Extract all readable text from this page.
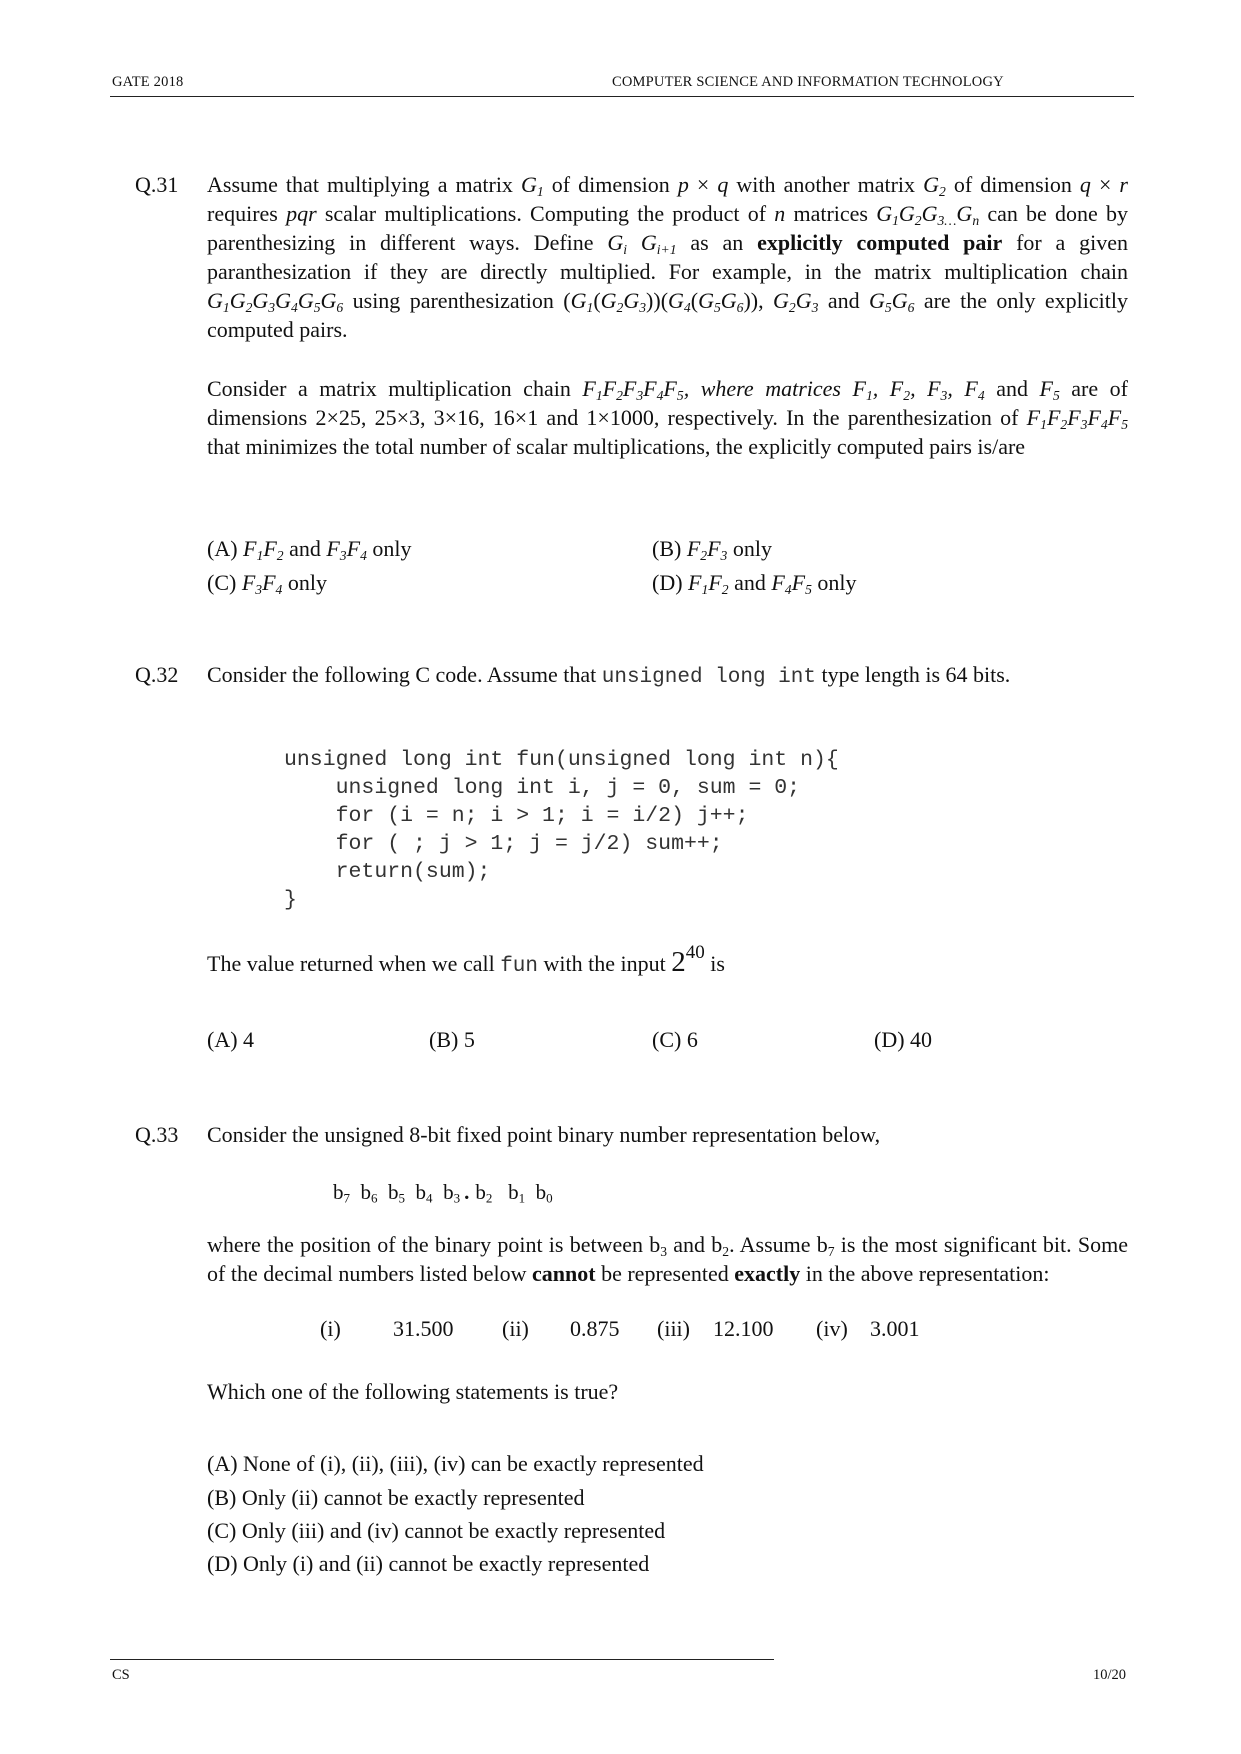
GATE 2018	COMPUTER SCIENCE AND INFORMATION TECHNOLOGY
CS	10/20
Q.31 Assume that multiplying a matrix $G_1$ of dimension p × q with another matrix $G_2$ of dimension q × r requires pqr scalar multiplications. Computing the product of n matrices $G_1G_2G_{3\dots}G_n$ can be done by parenthesizing in different ways. Define $G_i$ $G_{i+1}$ as an explicitly computed pair for a given paranthesization if they are directly multiplied. For example, in the matrix multiplication chain $G_1G_2G_3G_4G_5G_6$ using parenthesization $(G_1(G_2G_3))(G_4(G_5G_6))$, $G_2G_3$ and $G_5G_6$ are the only explicitly computed pairs.

Consider a matrix multiplication chain $F_1F_2F_3F_4F_5$, where matrices $F_1$, $F_2$, $F_3$, $F_4$ and $F_5$ are of dimensions 2×25, 25×3, 3×16, 16×1 and 1×1000, respectively. In the parenthesization of $F_1F_2F_3F_4F_5$ that minimizes the total number of scalar multiplications, the explicitly computed pairs is/are

(A) $F_1F_2$ and $F_3F_4$ only	(B) $F_2F_3$ only
(C) $F_3F_4$ only	(D) $F_1F_2$ and $F_4F_5$ only
Q.32 Consider the following C code. Assume that unsigned long int type length is 64 bits.
unsigned long int fun(unsigned long int n){
unsigned long int i, j = 0, sum = 0;
for (i = n; i > 1; i = i/2) j++;
for ( ; j > 1; j = j/2) sum++;
return(sum);
}
The value returned when we call fun with the input $2^{40}$ is
(A) 4	(B) 5	(C) 6	(D) 40
Q.33 Consider the unsigned 8-bit fixed point binary number representation below,
$b_7$ $b_6$ $b_5$ $b_4$ $b_3$ . $b_2$ $b_1$ $b_0$

where the position of the binary point is between $b_3$ and $b_2$. Assume $b_7$ is the most significant bit. Some of the decimal numbers listed below cannot be represented exactly in the above representation:

(i) 31.500 (ii) 0.875 (iii) 12.100 (iv) 3.001
Which one of the following statements is true?
(A) None of (i), (ii), (iii), (iv) can be exactly represented
(B) Only (ii) cannot be exactly represented
(C) Only (iii) and (iv) cannot be exactly represented
(D) Only (i) and (ii) cannot be exactly represented
